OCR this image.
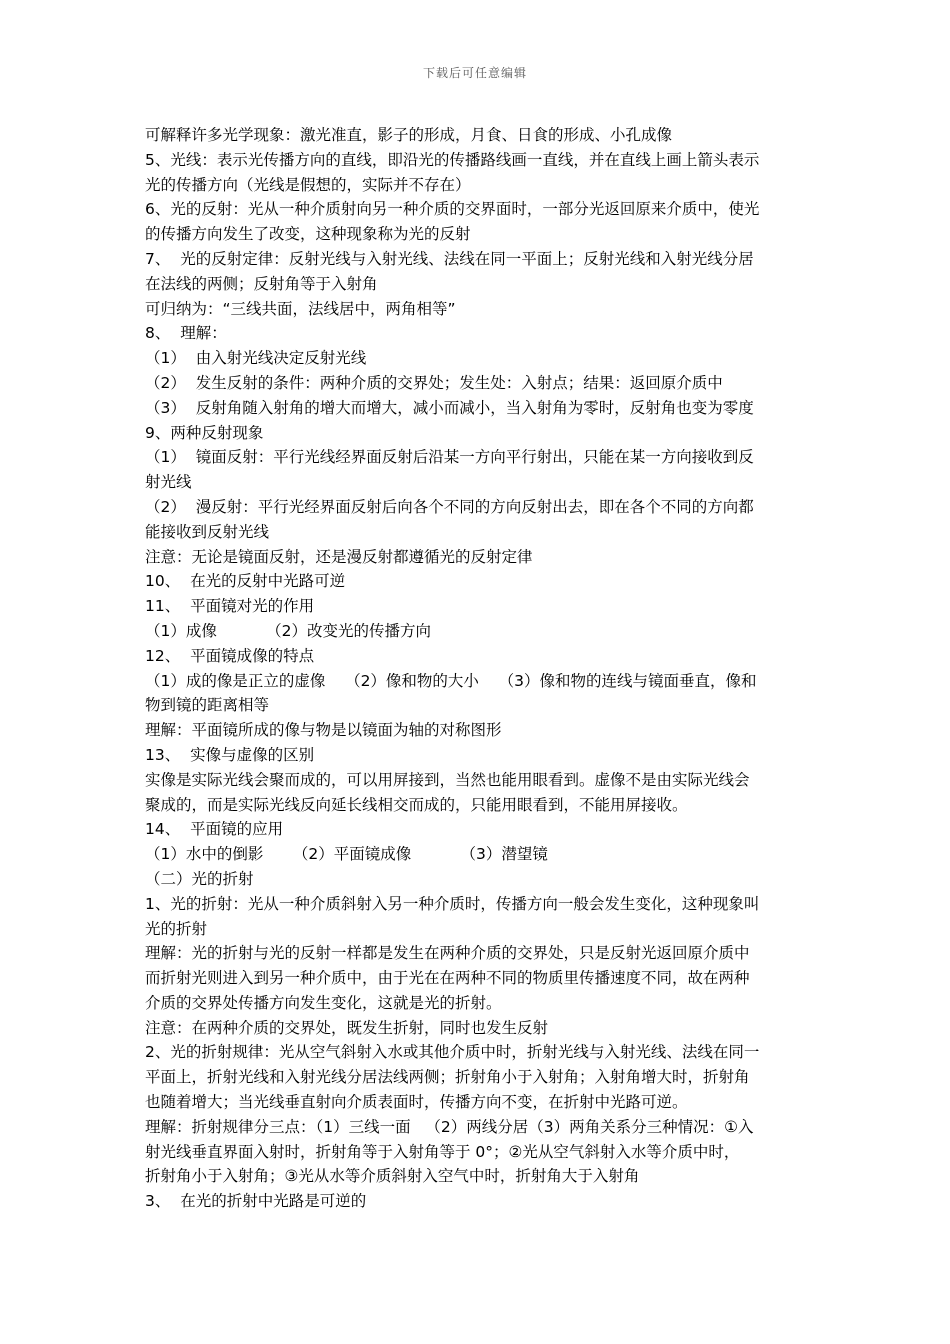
下载后可任意编辑
可解释许多光学现象：激光准直，影子的形成，月食、日食的形成、小孔成像
5、光线：表示光传播方向的直线，即沿光的传播路线画一直线，并在直线上画上箭头表示
光的传播方向（光线是假想的，实际并不存在）
6、光的反射：光从一种介质射向另一种介质的交界面时，一部分光返回原来介质中，使光
的传播方向发生了改变，这种现象称为光的反射
7、  光的反射定律：反射光线与入射光线、法线在同一平面上；反射光线和入射光线分居
在法线的两侧；反射角等于入射角
可归纳为：“三线共面，法线居中，两角相等”
8、  理解：
（1）  由入射光线决定反射光线
（2）  发生反射的条件：两种介质的交界处；发生处：入射点；结果：返回原介质中
（3）  反射角随入射角的增大而增大，减小而减小，当入射角为零时，反射角也变为零度
9、两种反射现象
（1）  镜面反射：平行光线经界面反射后沿某一方向平行射出，只能在某一方向接收到反
射光线
（2）  漫反射：平行光经界面反射后向各个不同的方向反射出去，即在各个不同的方向都
能接收到反射光线
注意：无论是镜面反射，还是漫反射都遵循光的反射定律
10、  在光的反射中光路可逆
11、  平面镜对光的作用
（1）成像          （2）改变光的传播方向
12、  平面镜成像的特点
（1）成的像是正立的虚像    （2）像和物的大小    （3）像和物的连线与镜面垂直，像和
物到镜的距离相等
理解：平面镜所成的像与物是以镜面为轴的对称图形
13、  实像与虚像的区别
实像是实际光线会聚而成的，可以用屏接到，当然也能用眼看到。虚像不是由实际光线会
聚成的，而是实际光线反向延长线相交而成的，只能用眼看到，不能用屏接收。
14、  平面镜的应用
（1）水中的倒影      （2）平面镜成像          （3）潜望镜
（二）光的折射
1、光的折射：光从一种介质斜射入另一种介质时，传播方向一般会发生变化，这种现象叫
光的折射
理解：光的折射与光的反射一样都是发生在两种介质的交界处，只是反射光返回原介质中
而折射光则进入到另一种介质中，由于光在在两种不同的物质里传播速度不同，故在两种
介质的交界处传播方向发生变化，这就是光的折射。
注意：在两种介质的交界处，既发生折射，同时也发生反射
2、光的折射规律：光从空气斜射入水或其他介质中时，折射光线与入射光线、法线在同一
平面上，折射光线和入射光线分居法线两侧；折射角小于入射角；入射角增大时，折射角
也随着增大；当光线垂直射向介质表面时，传播方向不变，在折射中光路可逆。
理解：折射规律分三点：（1）三线一面   （2）两线分居（3）两角关系分三种情况：①入
射光线垂直界面入射时，折射角等于入射角等于 0°；②光从空气斜射入水等介质中时，
折射角小于入射角；③光从水等介质斜射入空气中时，折射角大于入射角
3、  在光的折射中光路是可逆的
